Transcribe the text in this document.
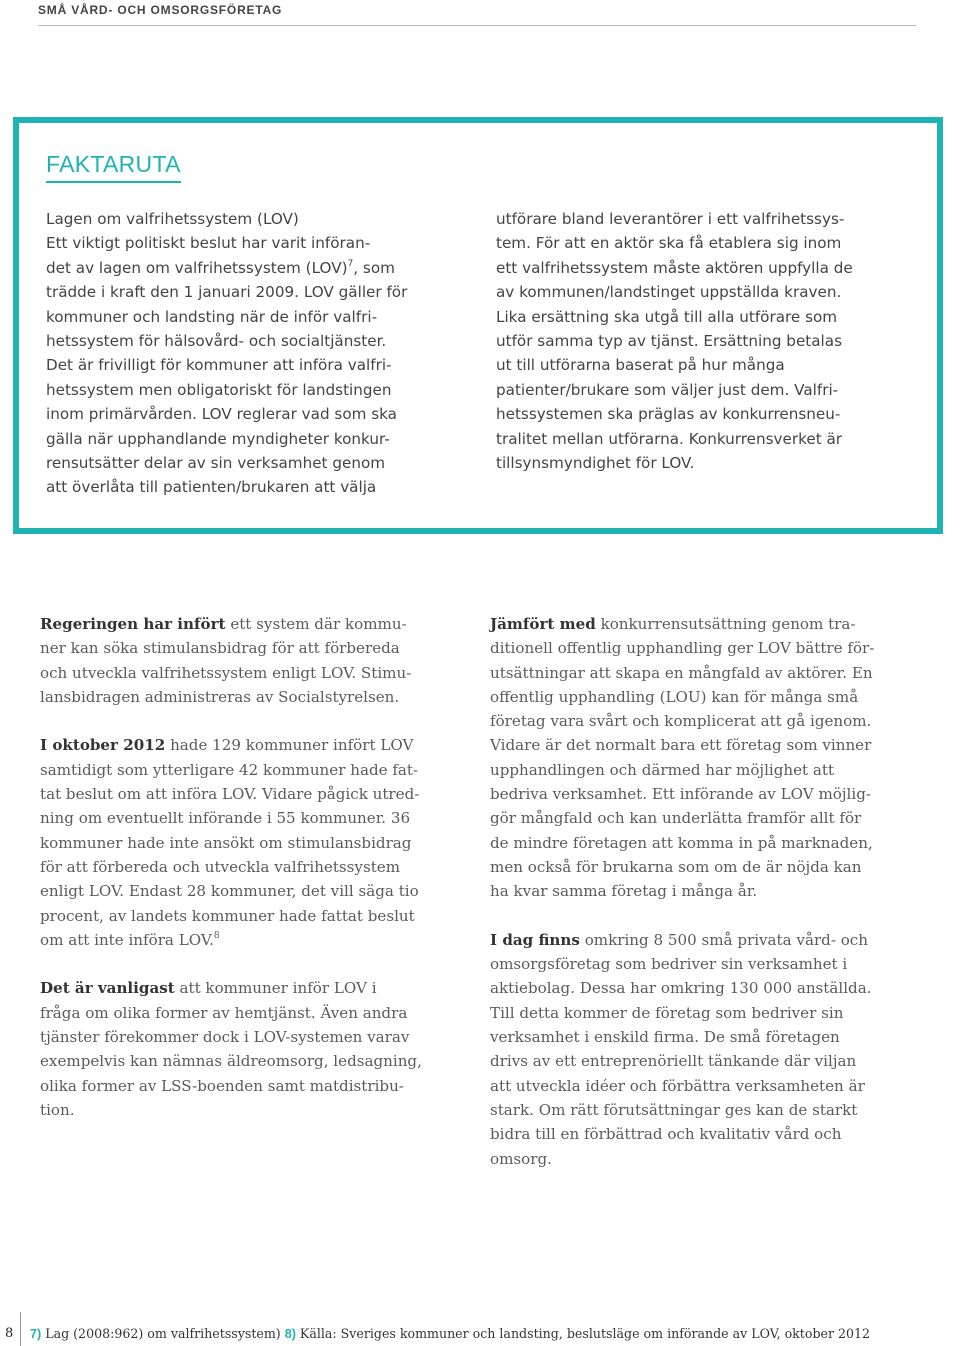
SMÅ VÅRD- OCH OMSORGSFÖRETAG
FAKTARUTA
Lagen om valfrihetssystem (LOV)
Ett viktigt politiskt beslut har varit införan-
det av lagen om valfrihetssystem (LOV)$^7$, som
trädde i kraft den 1 januari 2009. LOV gäller för
kommuner och landsting när de inför valfri-
hetssystem för hälsovård- och socialtjänster.
Det är frivilligt för kommuner att införa valfri-
hetssystem men obligatoriskt för landstingen
inom primärvården. LOV reglerar vad som ska
gälla när upphandlande myndigheter konkur-
rensutsätter delar av sin verksamhet genom
att överlåta till patienten/brukaren att välja
utförare bland leverantörer i ett valfrihetssys-
tem. För att en aktör ska få etablera sig inom
ett valfrihetssystem måste aktören uppfylla de
av kommunen/landstinget uppställda kraven.
Lika ersättning ska utgå till alla utförare som
utför samma typ av tjänst. Ersättning betalas
ut till utförarna baserat på hur många
patienter/brukare som väljer just dem. Valfri-
hetssystemen ska präglas av konkurrensneu-
tralitet mellan utförarna. Konkurrensverket är
tillsynsmyndighet för LOV.
Regeringen har infört ett system där kommu-
ner kan söka stimulansbidrag för att förbereda
och utveckla valfrihetssystem enligt LOV. Stimu-
lansbidragen administreras av Socialstyrelsen.
I oktober 2012 hade 129 kommuner infört LOV
samtidigt som ytterligare 42 kommuner hade fat-
tat beslut om att införa LOV. Vidare pågick utred-
ning om eventuellt införande i 55 kommuner. 36
kommuner hade inte ansökt om stimulansbidrag
för att förbereda och utveckla valfrihetssystem
enligt LOV. Endast 28 kommuner, det vill säga tio
procent, av landets kommuner hade fattat beslut
om att inte införa LOV.$^8$
Det är vanligast att kommuner inför LOV i
fråga om olika former av hemtjänst. Även andra
tjänster förekommer dock i LOV-systemen varav
exempelvis kan nämnas äldreomsorg, ledsagning,
olika former av LSS-boenden samt matdistribu-
tion.
Jämfört med konkurrensutsättning genom tra-
ditionell offentlig upphandling ger LOV bättre för-
utsättningar att skapa en mångfald av aktörer. En
offentlig upphandling (LOU) kan för många små
företag vara svårt och komplicerat att gå igenom.
Vidare är det normalt bara ett företag som vinner
upphandlingen och därmed har möjlighet att
bedriva verksamhet. Ett införande av LOV möjlig-
gör mångfald och kan underlätta framför allt för
de mindre företagen att komma in på marknaden,
men också för brukarna som om de är nöjda kan
ha kvar samma företag i många år.
I dag finns omkring 8 500 små privata vård- och
omsorgsföretag som bedriver sin verksamhet i
aktiebolag. Dessa har omkring 130 000 anställda.
Till detta kommer de företag som bedriver sin
verksamhet i enskild firma. De små företagen
drivs av ett entreprenöriellt tänkande där viljan
att utveckla idéer och förbättra verksamheten är
stark. Om rätt förutsättningar ges kan de starkt
bidra till en förbättrad och kvalitativ vård och
omsorg.
8 7) Lag (2008:962) om valfrihetssystem) 8) Källa: Sveriges kommuner och landsting, beslutsläge om införande av LOV, oktober 2012
